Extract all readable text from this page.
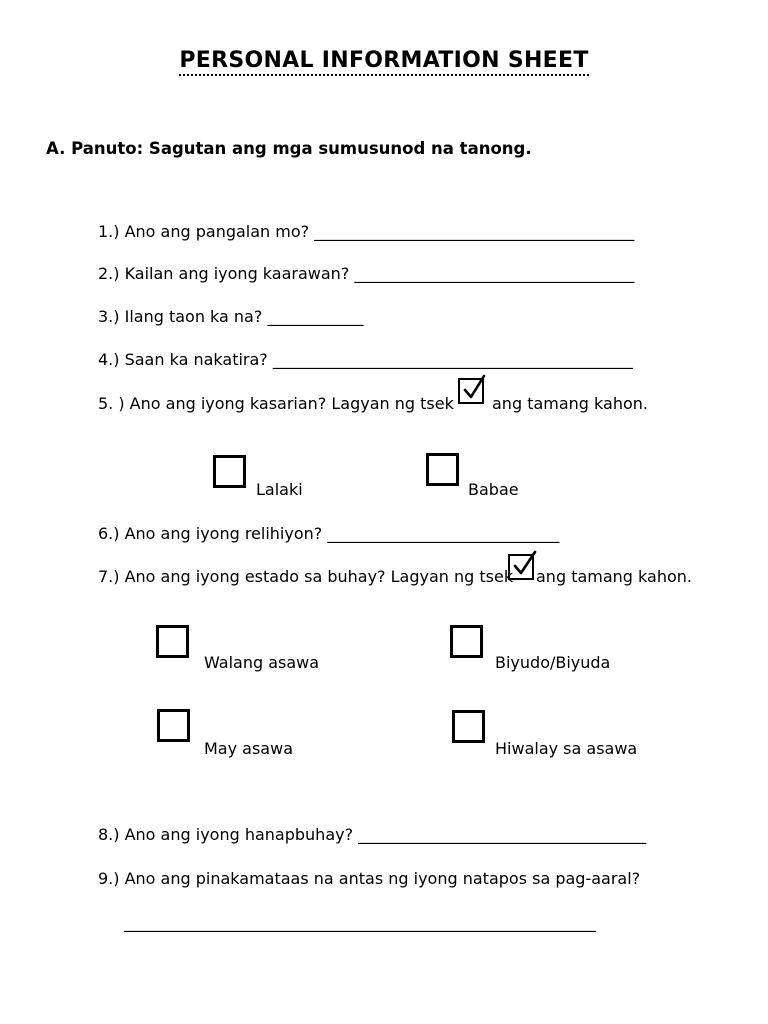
PERSONAL INFORMATION SHEET
A. Panuto: Sagutan ang mga sumusunod na tanong.
1.) Ano ang pangalan mo? ________________________________________
2.) Kailan ang iyong kaarawan? ___________________________________
3.) Ilang taon ka na? ____________
4.) Saan ka nakatira? _____________________________________________
5. ) Ano ang iyong kasarian? Lagyan ng tsek ang tamang kahon.
Lalaki	Babae
6.) Ano ang iyong relihiyon? _____________________________
7.) Ano ang iyong estado sa buhay? Lagyan ng tsek ang tamang kahon.
Walang asawa	Biyudo/Biyuda
May asawa	Hiwalay sa asawa
8.) Ano ang iyong hanapbuhay? ____________________________________
9.) Ano ang pinakamataas na antas ng iyong natapos sa pag-aaral?
___________________________________________________________
